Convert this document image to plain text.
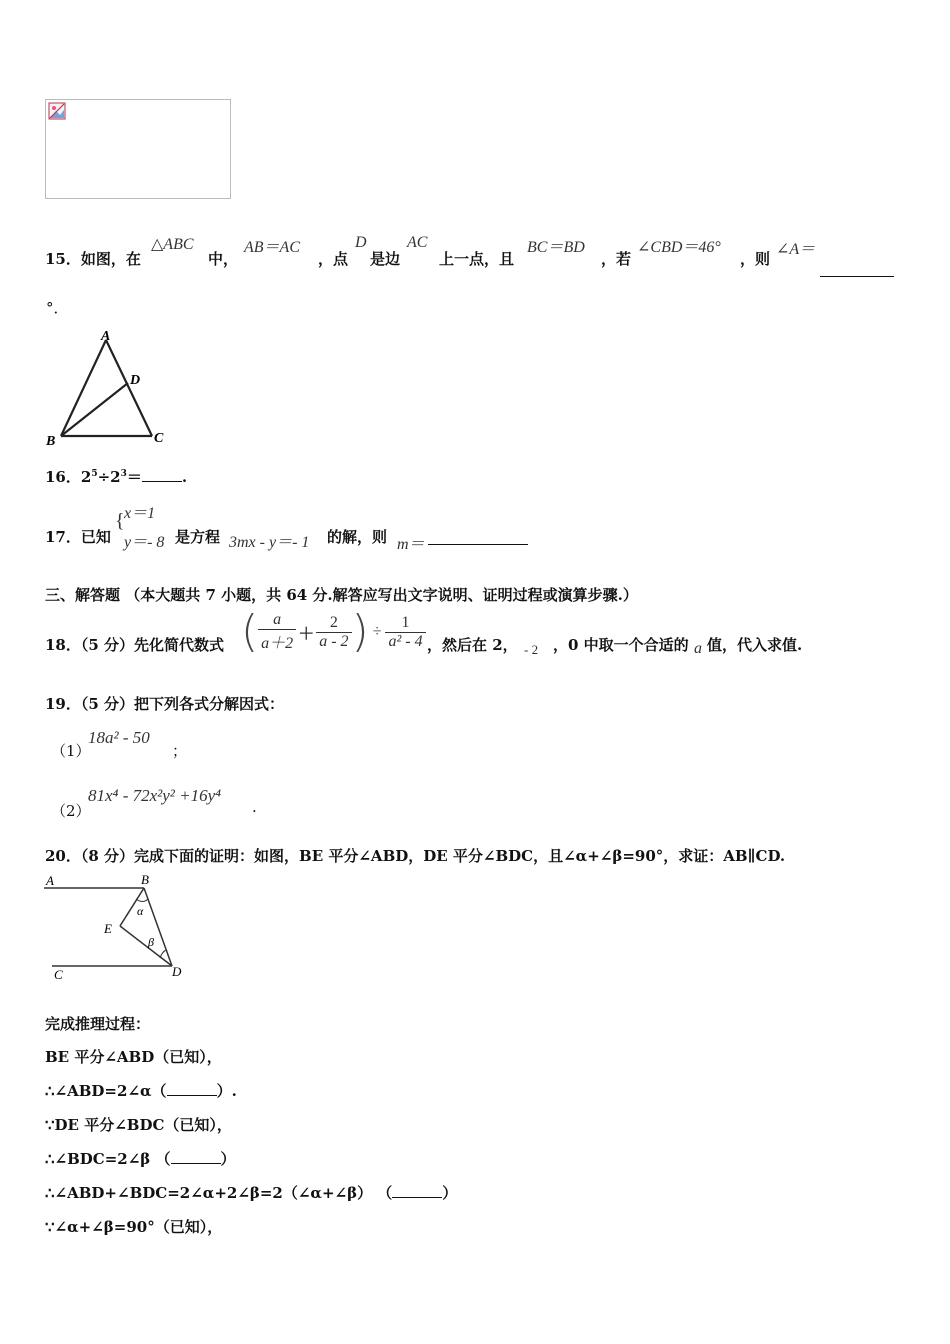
15．如图，在
△ABC
中，
AB＝AC
，点
D
是边
AC
上一点，且
BC＝BD
，若
∠CBD＝46°
，则
∠A＝
°．
A
B	C
D
16．$2^5\div 2^3=$	.
17．已知
{ x＝1
y＝- 8 是方程 3mx - y＝- 1 的解，则 m＝
三、解答题 （本大题共 7 小题，共 64 分.解答应写出文字说明、证明过程或演算步骤.）
18．（5 分）先化简代数式 ( $\frac{a}{a+2} + \frac{2}{a - 2}$ ) ÷ $\frac{1}{\text{a² - 4}}$ ，然后在 2， - 2 ，0 中取一个合适的 a 值，代入求值.
19．（5 分）把下列各式分解因式：
（1）
18a² - 50
；
（2）
81x⁴ - 72x²y² +16y⁴
.
20．（8 分）完成下面的证明：如图，BE 平分∠ABD，DE 平分∠BDC，且∠α+∠β=90°，求证：AB∥CD.
A	B
C	D
E
α
β
完成推理过程：
BE 平分∠ABD（已知），
∴∠ABD=2∠α（	）.
∵DE 平分∠BDC（已知），
∴∠BDC=2∠β （	）
∴∠ABD+∠BDC=2∠α+2∠β=2（∠α+∠β） （	）
∵∠α+∠β=90°（已知），
